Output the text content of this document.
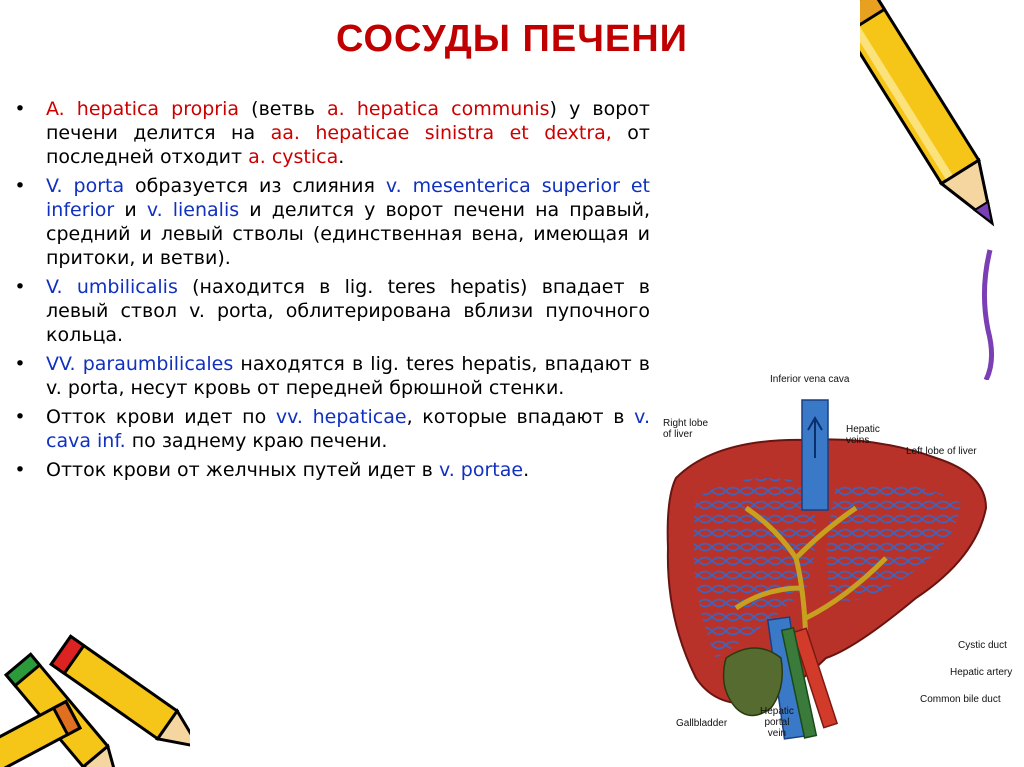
СОСУДЫ ПЕЧЕНИ
• A. hepatica propria (ветвь a. hepatica communis) у ворот печени делится на aa. hepaticae sinistra et dextra, от последней отходит a. cystica.
• V. porta образуется из слияния v. mesenterica superior et inferior и v. lienalis и делится у ворот печени на правый, средний и левый стволы (единственная вена, имеющая и притоки, и ветви).
• V. umbilicalis (находится в lig. teres hepatis) впадает в левый ствол v. porta, облитерирована вблизи пупочного кольца.
• VV. paraumbilicales находятся в lig. teres hepatis, впадают в v. porta, несут кровь от передней брюшной стенки.
• Отток крови идет по vv. hepaticae, которые впадают в v. cava inf. по заднему краю печени.
• Отток крови от желчных путей идет в v. portae.
Inferior vena cava
Right lobe
of liver	Hepatic
veins
Left lobe of liver
Cystic duct
Hepatic artery
Common bile duct
Gallbladder
Hepatic
portal
vein
